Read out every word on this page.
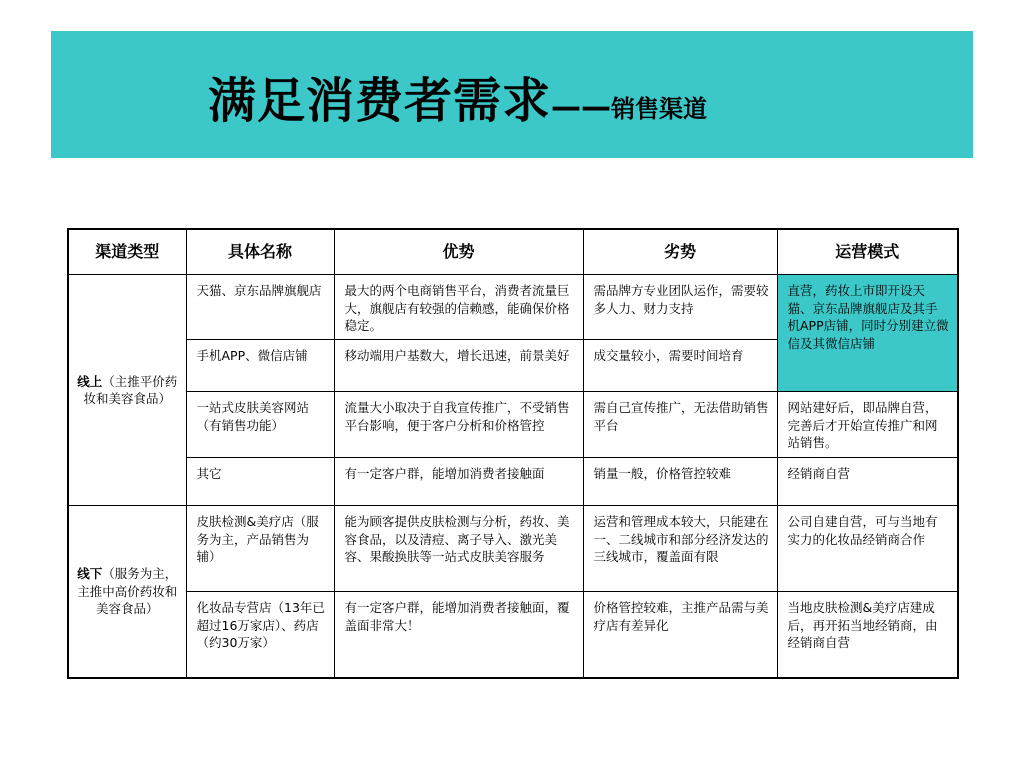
满足消费者需求——销售渠道
渠道类型	具体名称	优势	劣势	运营模式
线上（主推平价药妆和美容食品）	天猫、京东品牌旗舰店	最大的两个电商销售平台，消费者流量巨大，旗舰店有较强的信赖感，能确保价格稳定。	需品牌方专业团队运作，需要较多人力、财力支持	直营，药妆上市即开设天猫、京东品牌旗舰店及其手机APP店铺，同时分别建立微信及其微信店铺
	手机APP、微信店铺	移动端用户基数大，增长迅速，前景美好	成交量较小，需要时间培育	
	一站式皮肤美容网站（有销售功能）	流量大小取决于自我宣传推广，不受销售平台影响，便于客户分析和价格管控	需自己宣传推广，无法借助销售平台	网站建好后，即品牌自营，完善后才开始宣传推广和网站销售。
	其它	有一定客户群，能增加消费者接触面	销量一般，价格管控较难	经销商自营
线下（服务为主，主推中高价药妆和美容食品）	皮肤检测&美疗店（服务为主，产品销售为辅）	能为顾客提供皮肤检测与分析，药妆、美容食品，以及清痘、离子导入、激光美容、果酸换肤等一站式皮肤美容服务	运营和管理成本较大，只能建在一、二线城市和部分经济发达的三线城市，覆盖面有限	公司自建自营，可与当地有实力的化妆品经销商合作
	化妆品专营店（13年已超过16万家店）、药店（约30万家）	有一定客户群，能增加消费者接触面，覆盖面非常大！	价格管控较难，主推产品需与美疗店有差异化	当地皮肤检测&美疗店建成后，再开拓当地经销商，由经销商自营
